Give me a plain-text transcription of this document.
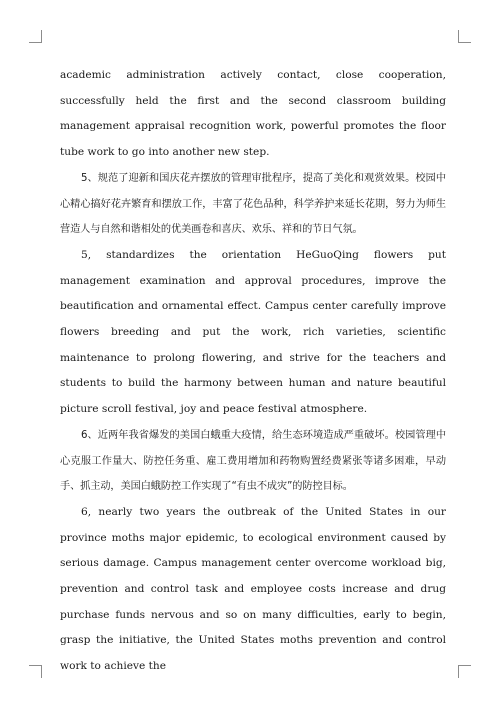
academic administration actively contact, close cooperation, successfully held the first and the second classroom building management appraisal recognition work, powerful promotes the floor tube work to go into another new step.

5、规范了迎新和国庆花卉摆放的管理审批程序，提高了美化和观赏效果。校园中心精心搞好花卉繁育和摆放工作，丰富了花色品种，科学养护来延长花期，努力为师生营造人与自然和谐相处的优美画卷和喜庆、欢乐、祥和的节日气氛。

5, standardizes the orientation HeGuoQing flowers put management examination and approval procedures, improve the beautification and ornamental effect. Campus center carefully improve flowers breeding and put the work, rich varieties, scientific maintenance to prolong flowering, and strive for the teachers and students to build the harmony between human and nature beautiful picture scroll festival, joy and peace festival atmosphere.

6、近两年我省爆发的美国白蛾重大疫情，给生态环境造成严重破坏。校园管理中心克服工作量大、防控任务重、雇工费用增加和药物购置经费紧张等诸多困难，早动手、抓主动，美国白蛾防控工作实现了“有虫不成灾”的防控目标。

6, nearly two years the outbreak of the United States in our province moths major epidemic, to ecological environment caused by serious damage. Campus management center overcome workload big, prevention and control task and employee costs increase and drug purchase funds nervous and so on many difficulties, early to begin, grasp the initiative, the United States moths prevention and control work to achieve the
